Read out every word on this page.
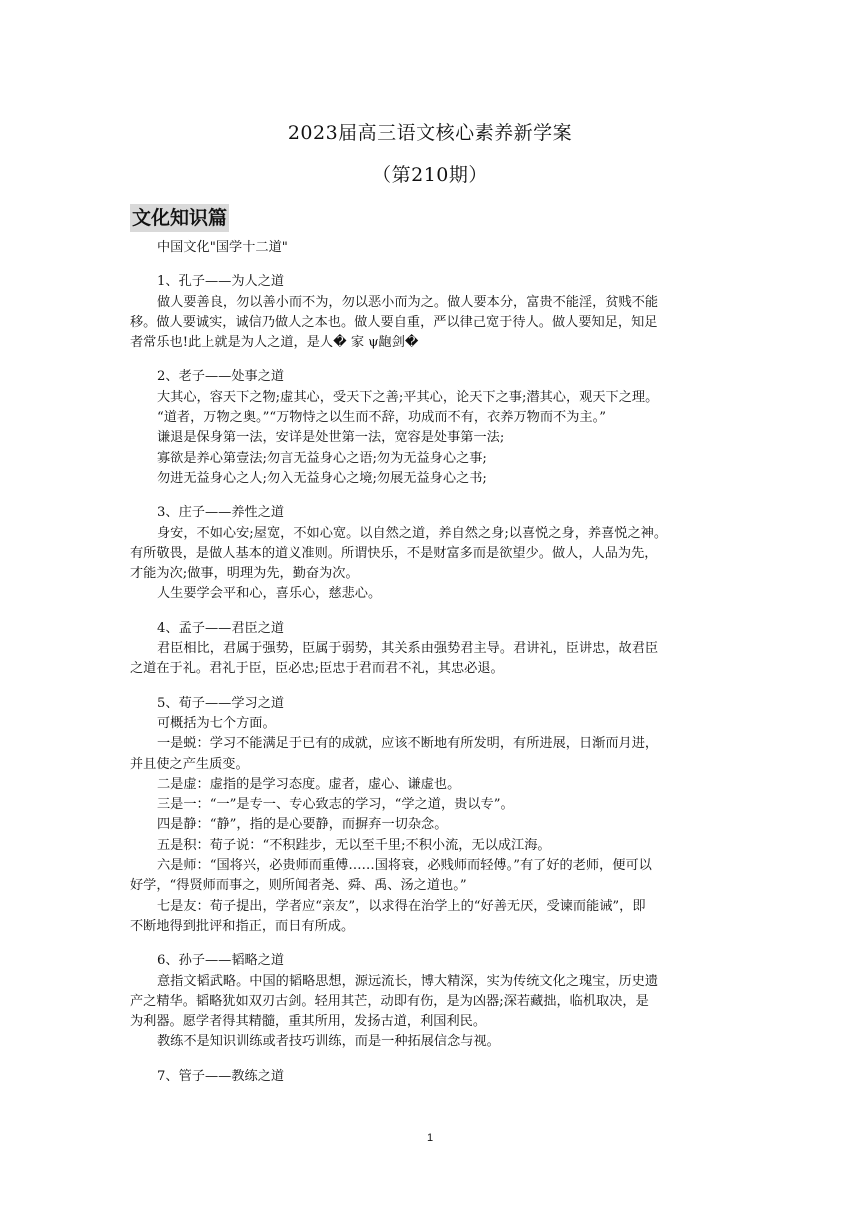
2023届高三语文核心素养新学案
（第210期）
文化知识篇
中国文化"国学十二道"
1、孔子——为人之道
做人要善良，勿以善小而不为，勿以恶小而为之。做人要本分，富贵不能淫，贫贱不能
移。做人要诚实，诚信乃做人之本也。做人要自重，严以律己宽于待人。做人要知足，知足
者常乐也!此上就是为人之道，是人� 家 ψ龅剑�
2、老子——处事之道
大其心，容天下之物;虚其心，受天下之善;平其心，论天下之事;潜其心，观天下之理。
“道者，万物之奥。”“万物恃之以生而不辞，功成而不有，衣养万物而不为主。”
谦退是保身第一法，安详是处世第一法，宽容是处事第一法;
寡欲是养心第壹法;勿言无益身心之语;勿为无益身心之事;
勿进无益身心之人;勿入无益身心之境;勿展无益身心之书;
3、庄子——养性之道
身安，不如心安;屋宽，不如心宽。以自然之道，养自然之身;以喜悦之身，养喜悦之神。
有所敬畏，是做人基本的道义准则。所谓快乐，不是财富多而是欲望少。做人，人品为先，
才能为次;做事，明理为先，勤奋为次。
人生要学会平和心，喜乐心，慈悲心。
4、孟子——君臣之道
君臣相比，君属于强势，臣属于弱势，其关系由强势君主导。君讲礼，臣讲忠，故君臣
之道在于礼。君礼于臣，臣必忠;臣忠于君而君不礼，其忠必退。
5、荀子——学习之道
可概括为七个方面。
一是蜕：学习不能满足于已有的成就，应该不断地有所发明，有所进展，日渐而月进，
并且使之产生质变。
二是虚：虚指的是学习态度。虚者，虚心、谦虚也。
三是一：“一”是专一、专心致志的学习，“学之道，贵以专”。
四是静：“静”，指的是心要静，而摒弃一切杂念。
五是积：荀子说：“不积跬步，无以至千里;不积小流，无以成江海。
六是师：“国将兴，必贵师而重傅……国将衰，必贱师而轻傅。”有了好的老师，便可以
好学，“得贤师而事之，则所闻者尧、舜、禹、汤之道也。”
七是友：荀子提出，学者应“亲友”，以求得在治学上的“好善无厌，受谏而能诫”，即
不断地得到批评和指正，而日有所成。
6、孙子——韬略之道
意指文韬武略。中国的韬略思想，源远流长，博大精深，实为传统文化之瑰宝，历史遗
产之精华。韬略犹如双刃古剑。轻用其芒，动即有伤，是为凶器;深若藏拙，临机取决，是
为利器。愿学者得其精髓，重其所用，发扬古道，利国利民。
教练不是知识训练或者技巧训练，而是一种拓展信念与视。
7、管子——教练之道
1
